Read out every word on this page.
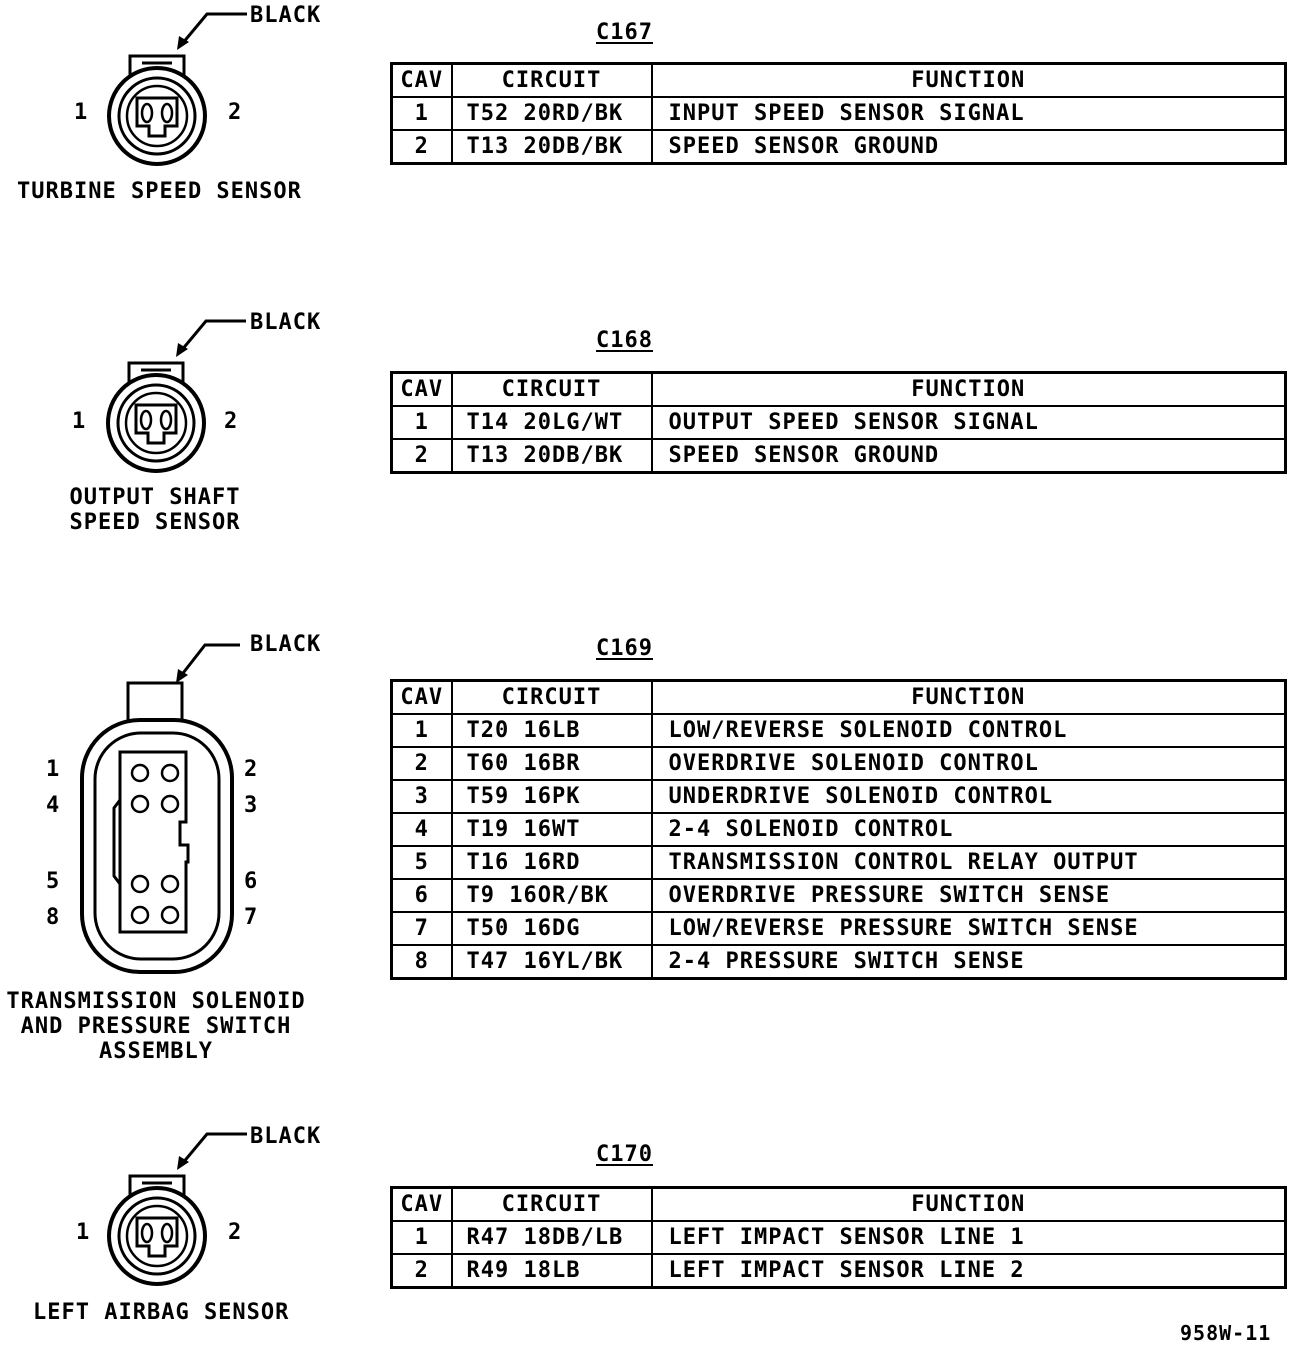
BLACK
1	2
TURBINE SPEED SENSOR
C167
CAV	CIRCUIT	FUNCTION
1	T52 20RD/BK	INPUT SPEED SENSOR SIGNAL
2	T13 20DB/BK	SPEED SENSOR GROUND
BLACK
1	2
OUTPUT SHAFT
SPEED SENSOR
C168
CAV	CIRCUIT	FUNCTION
1	T14 20LG/WT	OUTPUT SPEED SENSOR SIGNAL
2	T13 20DB/BK	SPEED SENSOR GROUND
BLACK
1	2
4	3
5	6
8	7
TRANSMISSION SOLENOID
AND PRESSURE SWITCH
ASSEMBLY
C169
CAV	CIRCUIT	FUNCTION
1	T20 16LB	LOW/REVERSE SOLENOID CONTROL
2	T60 16BR	OVERDRIVE SOLENOID CONTROL
3	T59 16PK	UNDERDRIVE SOLENOID CONTROL
4	T19 16WT	2-4 SOLENOID CONTROL
5	T16 16RD	TRANSMISSION CONTROL RELAY OUTPUT
6	T9 16OR/BK	OVERDRIVE PRESSURE SWITCH SENSE
7	T50 16DG	LOW/REVERSE PRESSURE SWITCH SENSE
8	T47 16YL/BK	2-4 PRESSURE SWITCH SENSE
BLACK
1	2
LEFT AIRBAG SENSOR
C170
CAV	CIRCUIT	FUNCTION
1	R47 18DB/LB	LEFT IMPACT SENSOR LINE 1
2	R49 18LB	LEFT IMPACT SENSOR LINE 2
958W-11
